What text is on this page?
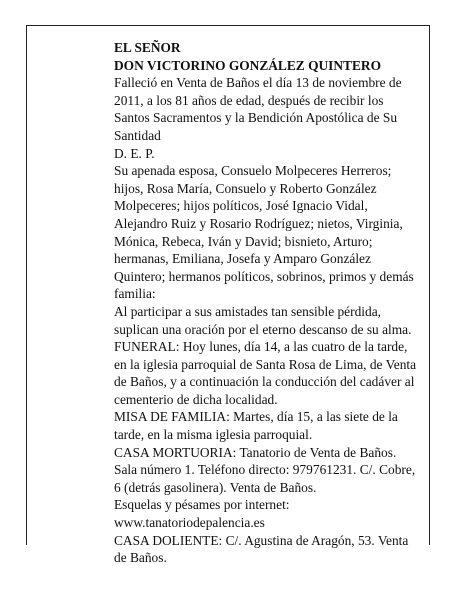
EL SEÑOR

DON VICTORINO GONZÁLEZ QUINTERO

Falleció en Venta de Baños el día 13 de noviembre de 2011, a los 81 años de edad, después de recibir los Santos Sacramentos y la Bendición Apostólica de Su Santidad

D. E. P.

Su apenada esposa, Consuelo Molpeceres Herreros; hijos, Rosa María, Consuelo y Roberto González Molpeceres; hijos políticos, José Ignacio Vidal, Alejandro Ruiz y Rosario Rodríguez; nietos, Virginia, Mónica, Rebeca, Iván y David; bisnieto, Arturo; hermanas, Emiliana, Josefa y Amparo González Quintero; hermanos políticos, sobrinos, primos y demás familia:

Al participar a sus amistades tan sensible pérdida, suplican una oración por el eterno descanso de su alma.

FUNERAL: Hoy lunes, día 14, a las cuatro de la tarde, en la iglesia parroquial de Santa Rosa de Lima, de Venta de Baños, y a continuación la conducción del cadáver al cementerio de dicha localidad.

MISA DE FAMILIA: Martes, día 15, a las siete de la tarde, en la misma iglesia parroquial.

CASA MORTUORIA: Tanatorio de Venta de Baños. Sala número 1. Teléfono directo: 979761231. C/. Cobre, 6 (detrás gasolinera). Venta de Baños.

Esquelas y pésames por internet:

www.tanatoriodepalencia.es

CASA DOLIENTE: C/. Agustina de Aragón, 53. Venta de Baños.
